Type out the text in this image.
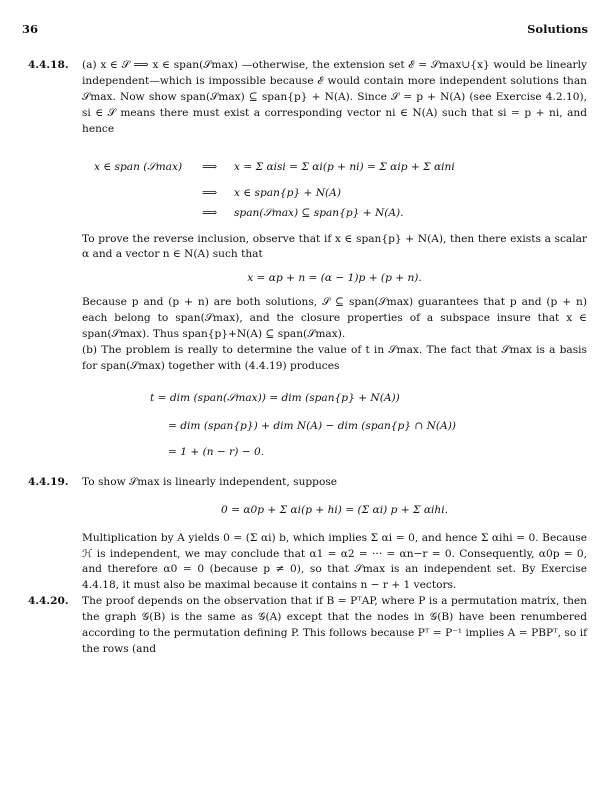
36	Solutions
4.4.18. (a) x ∈ 𝒮 ⟹ x ∈ span(𝒮max) —otherwise, the extension set ℰ = 𝒮max∪{x} would be linearly independent—which is impossible because ℰ would contain more independent solutions than 𝒮max. Now show span(𝒮max) ⊆ span{p} + N(A). Since 𝒮 = p + N(A) (see Exercise 4.2.10), si ∈ 𝒮 means there must exist a corresponding vector ni ∈ N(A) such that si = p + ni, and hence

x ∈ span (𝒮max) ⟹ x = Σ αisi = Σ αi(p + ni) = Σ αip + Σ αini
⟹ x ∈ span{p} + N(A)
⟹ span(𝒮max) ⊆ span{p} + N(A).

To prove the reverse inclusion, observe that if x ∈ span{p} + N(A), then there exists a scalar α and a vector n ∈ N(A) such that

x = αp + n = (α − 1)p + (p + n).

Because p and (p + n) are both solutions, 𝒮 ⊆ span(𝒮max) guarantees that p and (p + n) each belong to span(𝒮max), and the closure properties of a subspace insure that x ∈ span(𝒮max). Thus span{p}+N(A) ⊆ span(𝒮max).

(b) The problem is really to determine the value of t in 𝒮max. The fact that 𝒮max is a basis for span(𝒮max) together with (4.4.19) produces

t = dim (span(𝒮max)) = dim (span{p} + N(A))
= dim (span{p}) + dim N(A) − dim (span{p} ∩ N(A))
= 1 + (n − r) − 0.
4.4.19. To show 𝒮max is linearly independent, suppose

0 = α0p + Σ αi(p + hi) = (Σ αi) p + Σ αihi.

Multiplication by A yields 0 = (Σ αi) b, which implies Σ αi = 0, and hence Σ αihi = 0. Because ℋ is independent, we may conclude that α1 = α2 = ··· = αn−r = 0. Consequently, α0p = 0, and therefore α0 = 0 (because p ≠ 0), so that 𝒮max is an independent set. By Exercise 4.4.18, it must also be maximal because it contains n − r + 1 vectors.

4.4.20. The proof depends on the observation that if B = PᵀAP, where P is a permutation matrix, then the graph 𝒢(B) is the same as 𝒢(A) except that the nodes in 𝒢(B) have been renumbered according to the permutation defining P. This follows because Pᵀ = P⁻¹ implies A = PBPᵀ, so if the rows (and
